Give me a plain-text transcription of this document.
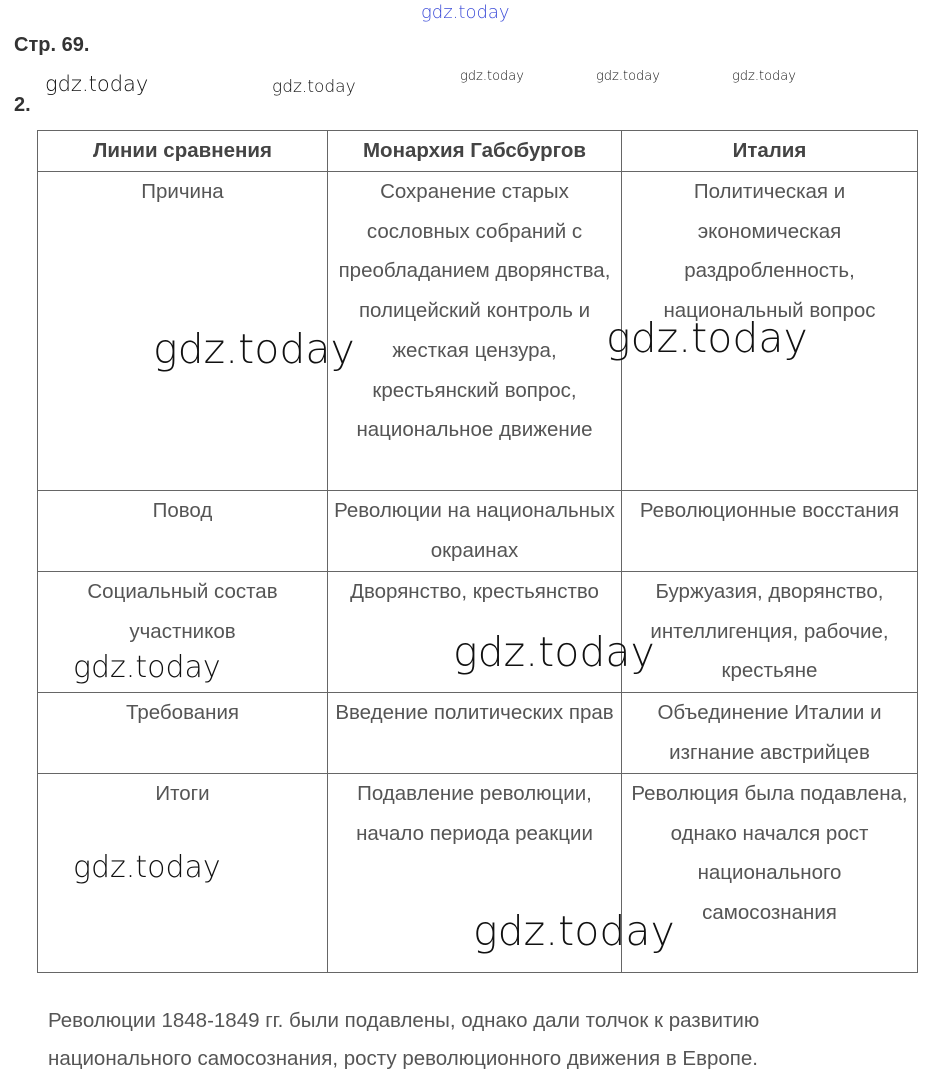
gdz.today
Стр. 69.
gdz.today	gdz.today
gdz.today	gdz.today	gdz.today
2.
Линии сравнения	Монархия Габсбургов	Италия
Причина	Сохранение старых сословных собраний с преобладанием дворянства, полицейский контроль и жесткая цензура, крестьянский вопрос, национальное движение	Политическая и экономическая раздробленность, национальный вопрос
Повод	Революции на национальных окраинах	Революционные восстания
Социальный состав участников	Дворянство, крестьянство	Буржуазия, дворянство, интеллигенция, рабочие, крестьяне
Требования	Введение политических прав	Объединение Италии и изгнание австрийцев
Итоги	Подавление революции, начало периода реакции	Революция была подавлена, однако начался рост национального самосознания
gdz.today	gdz.today
gdz.today	gdz.today
gdz.today
gdz.today
Революции 1848-1849 гг. были подавлены, однако дали толчок к развитию национального самосознания, росту революционного движения в Европе.
